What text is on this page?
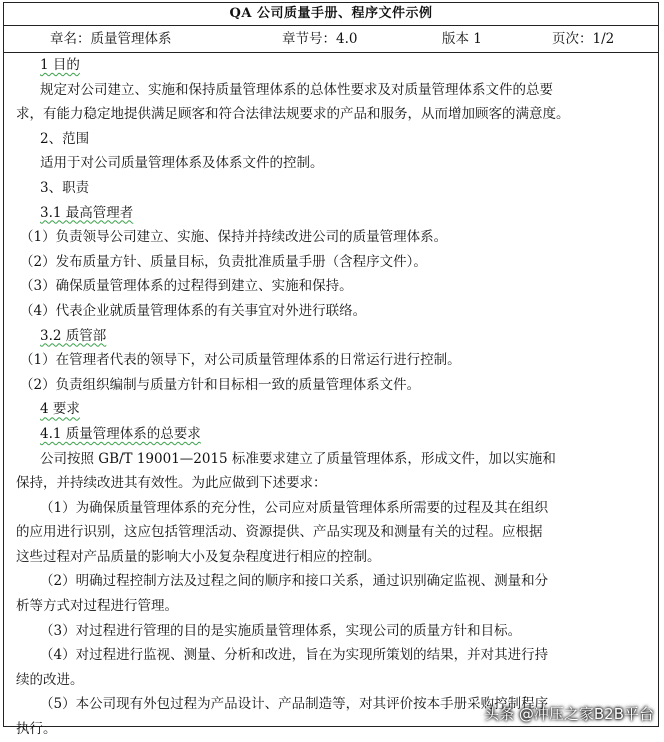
QA 公司质量手册、程序文件示例
章名：质量管理体系	章节号：4.0	版本 1	页次：1/2
1 目的
规定对公司建立、实施和保持质量管理体系的总体性要求及对质量管理体系文件的总要
求，有能力稳定地提供满足顾客和符合法律法规要求的产品和服务，从而增加顾客的满意度。
2、范围
适用于对公司质量管理体系及体系文件的控制。
3、职责
3.1 最高管理者
（1）负责领导公司建立、实施、保持并持续改进公司的质量管理体系。
（2）发布质量方针、质量目标，负责批准质量手册（含程序文件）。
（3）确保质量管理体系的过程得到建立、实施和保持。
（4）代表企业就质量管理体系的有关事宜对外进行联络。
3.2 质管部
（1）在管理者代表的领导下，对公司质量管理体系的日常运行进行控制。
（2）负责组织编制与质量方针和目标相一致的质量管理体系文件。
4 要求
4.1 质量管理体系的总要求
公司按照 GB/T 19001—2015 标准要求建立了质量管理体系，形成文件，加以实施和
保持，并持续改进其有效性。为此应做到下述要求：
（1）为确保质量管理体系的充分性，公司应对质量管理体系所需要的过程及其在组织
的应用进行识别，这应包括管理活动、资源提供、产品实现及和测量有关的过程。应根据
这些过程对产品质量的影响大小及复杂程度进行相应的控制。
（2）明确过程控制方法及过程之间的顺序和接口关系，通过识别确定监视、测量和分
析等方式对过程进行管理。
（3）对过程进行管理的目的是实施质量管理体系，实现公司的质量方针和目标。
（4）对过程进行监视、测量、分析和改进，旨在为实现所策划的结果，并对其进行持
续的改进。
（5）本公司现有外包过程为产品设计、产品制造等，对其评价按本手册采购控制程序
执行。
头条 @冲压之家B2B平台
